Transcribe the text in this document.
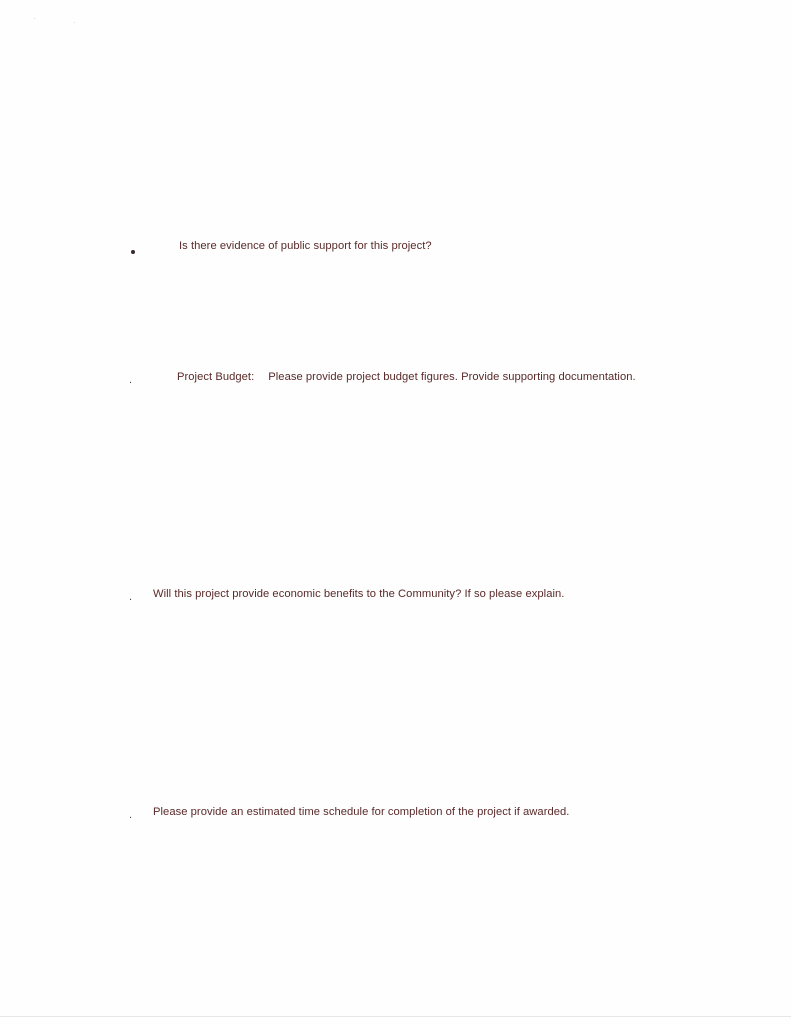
Is there evidence of public support for this project?
.	Project Budget: Please provide project budget figures. Provide supporting documentation.
. Will this project provide economic benefits to the Community? If so please explain.
. Please provide an estimated time schedule for completion of the project if awarded.
